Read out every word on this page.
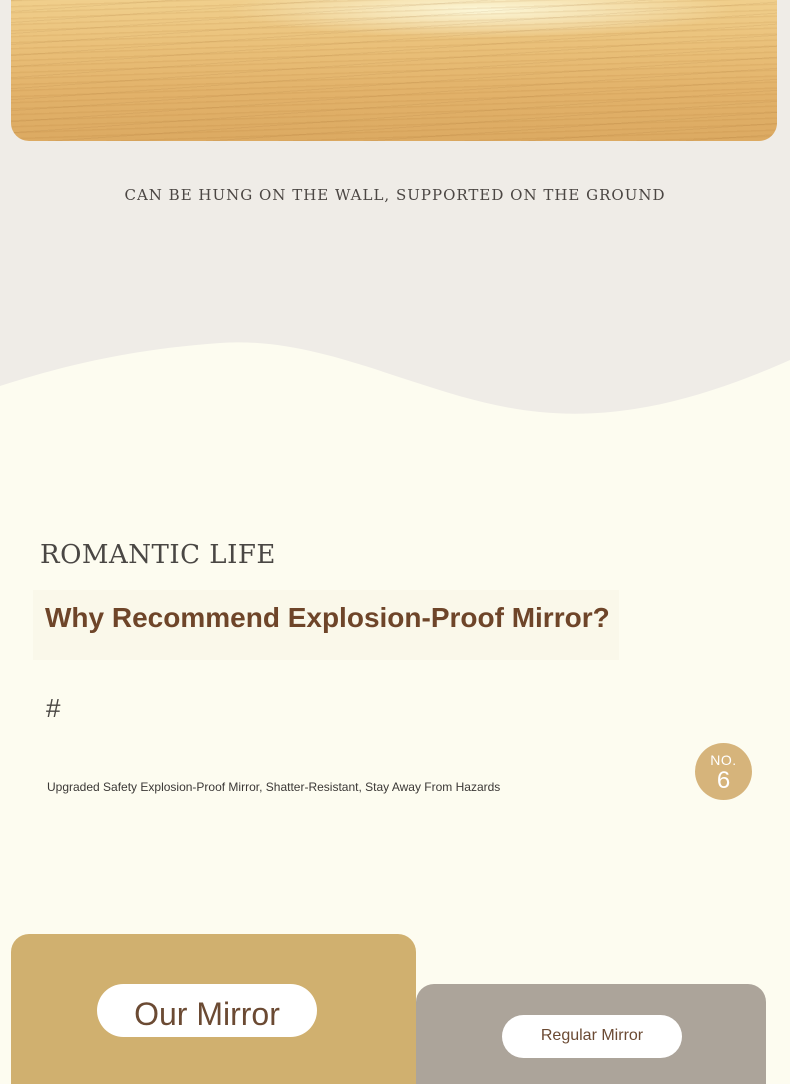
CAN BE HUNG ON THE WALL, SUPPORTED ON THE GROUND
ROMANTIC LIFE
Why Recommend Explosion-Proof Mirror?
#
Upgraded Safety Explosion-Proof Mirror, Shatter-Resistant, Stay Away From Hazards
NO.
6
Our Mirror
Regular Mirror
